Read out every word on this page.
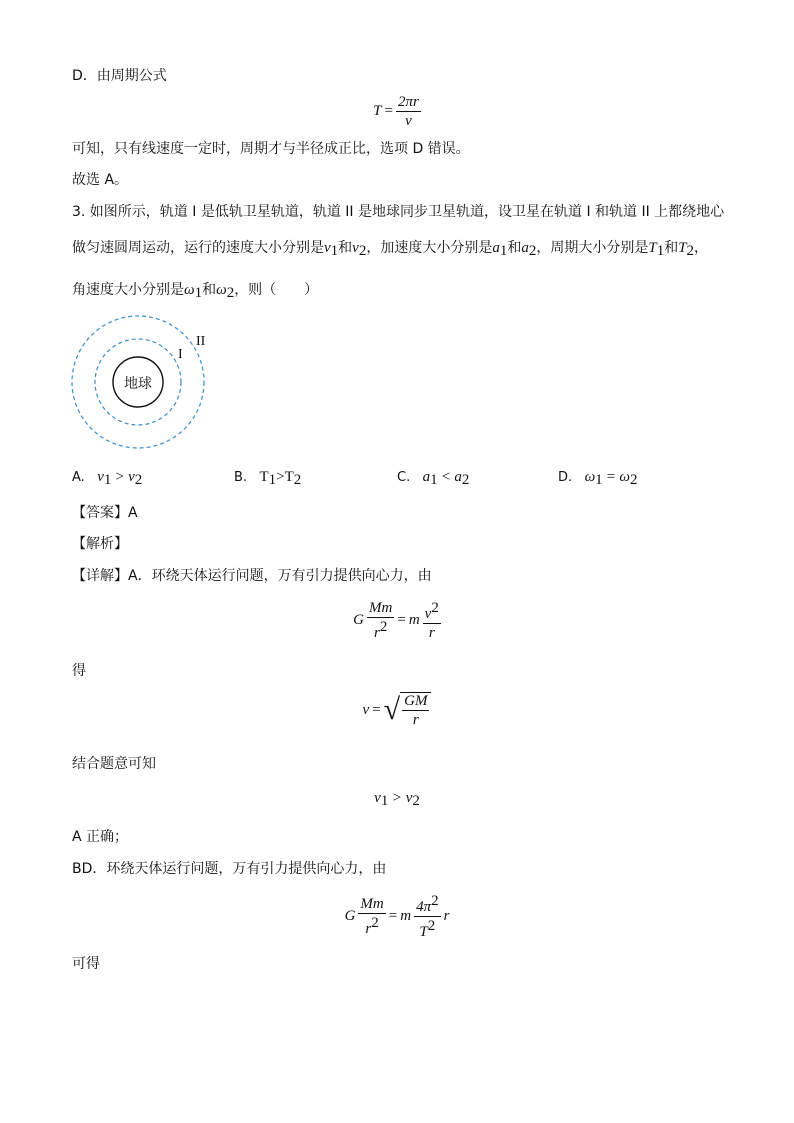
D．由周期公式
$T = \frac{2\pi r}{v}$
可知，只有线速度一定时，周期才与半径成正比，选项 D 错误。
故选 A。
3. 如图所示，轨道 I 是低轨卫星轨道，轨道 II 是地球同步卫星轨道，设卫星在轨道 I 和轨道 II 上都绕地心
做匀速圆周运动，运行的速度大小分别是$v_1$和$v_2$，加速度大小分别是$a_1$和$a_2$，周期大小分别是$T_1$和$T_2$，
角速度大小分别是$\omega_1$和$\omega_2$，则（　　）
地球
I
II
A. $v_1 > v_2$	B. $T_1>T_2$	C. $a_1 < a_2$	D. $\omega_1 = \omega_2$
【答案】A
【解析】
【详解】A．环绕天体运行问题，万有引力提供向心力，由
G $\frac{Mm}{r^2} = m \frac{v^2}{r}$
得
v = √ $\frac{GM}{r}$
结合题意可知
$v_1 > v_2$
A 正确；
BD．环绕天体运行问题，万有引力提供向心力，由
G $\frac{Mm}{r^2} = m \frac{4\pi^2}{T^2}$ r
可得
